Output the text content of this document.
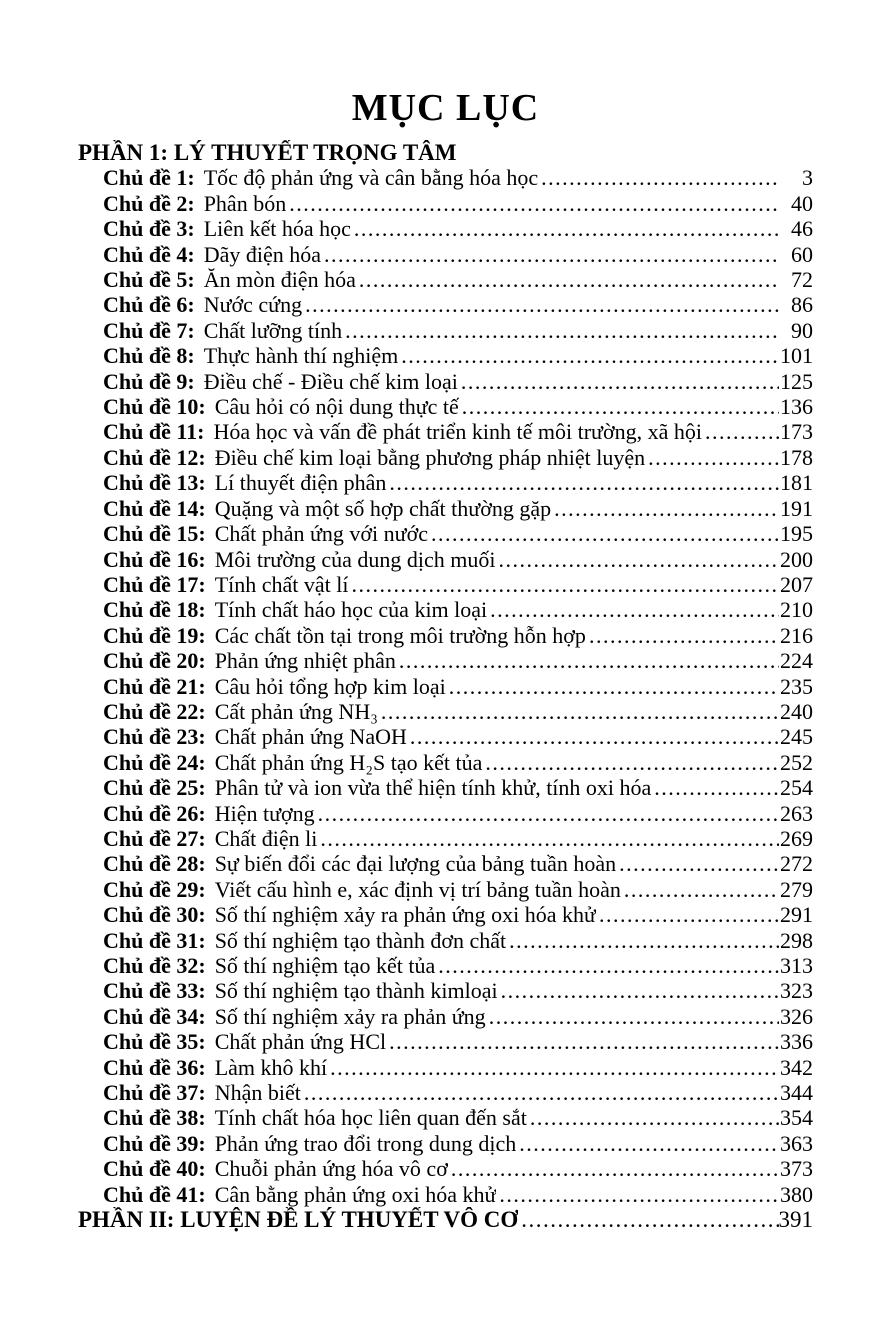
MỤC LỤC
PHẦN 1: LÝ THUYẾT TRỌNG TÂM
Chủ đề 1: Tốc độ phản ứng và cân bằng hóa học .....	3
Chủ đề 2: Phân bón .....	40
Chủ đề 3: Liên kết hóa học .....	46
Chủ đề 4: Dãy điện hóa .....	60
Chủ đề 5: Ăn mòn điện hóa .....	72
Chủ đề 6: Nước cứng .....	86
Chủ đề 7: Chất lưỡng tính .....	90
Chủ đề 8: Thực hành thí nghiệm .....	101
Chủ đề 9: Điều chế - Điều chế kim loại .....	125
Chủ đề 10: Câu hỏi có nội dung thực tế .....	136
Chủ đề 11: Hóa học và vấn đề phát triển kinh tế môi trường, xã hội .....	173
Chủ đề 12: Điều chế kim loại bằng phương pháp nhiệt luyện .....	178
Chủ đề 13: Lí thuyết điện phân .....	181
Chủ đề 14: Quặng và một số hợp chất thường gặp .....	191
Chủ đề 15: Chất phản ứng với nước .....	195
Chủ đề 16: Môi trường của dung dịch muối .....	200
Chủ đề 17: Tính chất vật lí .....	207
Chủ đề 18: Tính chất háo học của kim loại .....	210
Chủ đề 19: Các chất tồn tại trong môi trường hỗn hợp .....	216
Chủ đề 20: Phản ứng nhiệt phân .....	224
Chủ đề 21: Câu hỏi tổng hợp kim loại .....	235
Chủ đề 22: Cất phản ứng NH₃ .....	240
Chủ đề 23: Chất phản ứng NaOH .....	245
Chủ đề 24: Chất phản ứng H₂S tạo kết tủa .....	252
Chủ đề 25: Phân tử và ion vừa thể hiện tính khử, tính oxi hóa .....	254
Chủ đề 26: Hiện tượng .....	263
Chủ đề 27: Chất điện li .....	269
Chủ đề 28: Sự biến đổi các đại lượng của bảng tuần hoàn .....	272
Chủ đề 29: Viết cấu hình e, xác định vị trí bảng tuần hoàn .....	279
Chủ đề 30: Số thí nghiệm xảy ra phản ứng oxi hóa khử .....	291
Chủ đề 31: Số thí nghiệm tạo thành đơn chất .....	298
Chủ đề 32: Số thí nghiệm tạo kết tủa .....	313
Chủ đề 33: Số thí nghiệm tạo thành kimloại .....	323
Chủ đề 34: Số thí nghiệm xảy ra phản ứng .....	326
Chủ đề 35: Chất phản ứng HCl .....	336
Chủ đề 36: Làm khô khí .....	342
Chủ đề 37: Nhận biết .....	344
Chủ đề 38: Tính chất hóa học liên quan đến sắt .....	354
Chủ đề 39: Phản ứng trao đổi trong dung dịch .....	363
Chủ đề 40: Chuỗi phản ứng hóa vô cơ .....	373
Chủ đề 41: Cân bằng phản ứng oxi hóa khử .....	380
PHẦN II: LUYỆN ĐỀ LÝ THUYẾT VÔ CƠ .....	391
